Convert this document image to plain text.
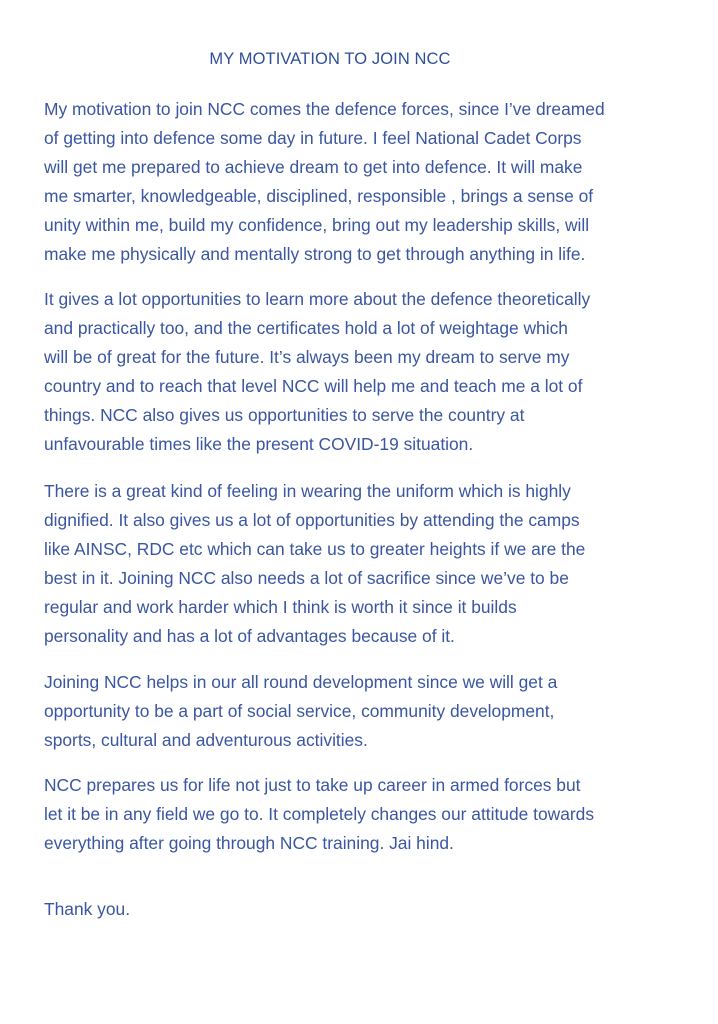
MY MOTIVATION TO JOIN NCC

My motivation to join NCC comes the defence forces, since I’ve dreamed
of getting into defence some day in future. I feel National Cadet Corps
will get me prepared to achieve dream to get into defence. It will make
me smarter, knowledgeable, disciplined, responsible , brings a sense of
unity within me, build my confidence, bring out my leadership skills, will
make me physically and mentally strong to get through anything in life.

It gives a lot opportunities to learn more about the defence theoretically
and practically too, and the certificates hold a lot of weightage which
will be of great for the future. It’s always been my dream to serve my
country and to reach that level NCC will help me and teach me a lot of
things. NCC also gives us opportunities to serve the country at
unfavourable times like the present COVID-19 situation.

There is a great kind of feeling in wearing the uniform which is highly
dignified. It also gives us a lot of opportunities by attending the camps
like AINSC, RDC etc which can take us to greater heights if we are the
best in it. Joining NCC also needs a lot of sacrifice since we’ve to be
regular and work harder which I think is worth it since it builds
personality and has a lot of advantages because of it.

Joining NCC helps in our all round development since we will get a
opportunity to be a part of social service, community development,
sports, cultural and adventurous activities.

NCC prepares us for life not just to take up career in armed forces but
let it be in any field we go to. It completely changes our attitude towards
everything after going through NCC training. Jai hind.

Thank you.
